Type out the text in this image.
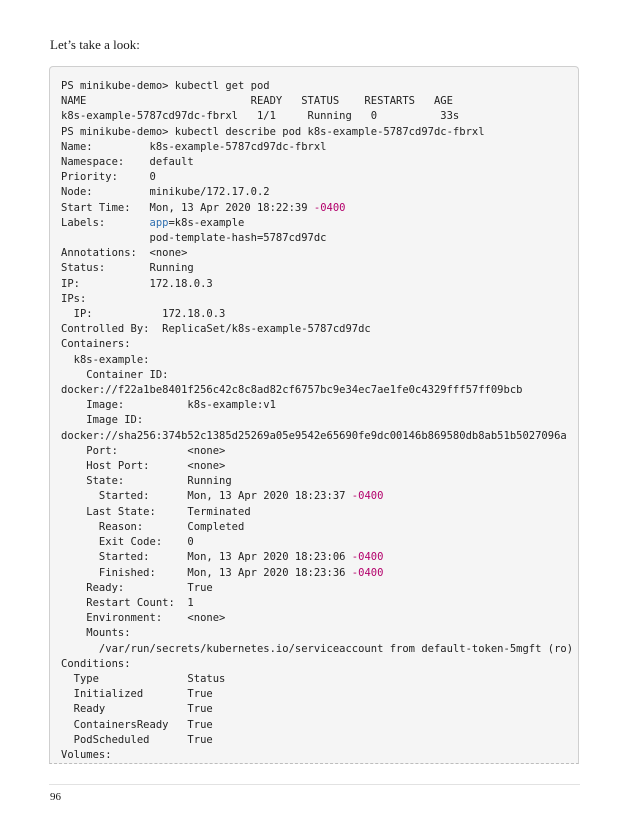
Let’s take a look:

PS minikube-demo> kubectl get pod
NAME                          READY   STATUS    RESTARTS   AGE
k8s-example-5787cd97dc-fbrxl   1/1     Running   0          33s
PS minikube-demo> kubectl describe pod k8s-example-5787cd97dc-fbrxl
Name:         k8s-example-5787cd97dc-fbrxl
Namespace:    default
Priority:     0
Node:         minikube/172.17.0.2
Start Time:   Mon, 13 Apr 2020 18:22:39 -0400
Labels:       app=k8s-example
pod-template-hash=5787cd97dc
Annotations:  <none>
Status:       Running
IP:           172.18.0.3
IPs:
IP:           172.18.0.3
Controlled By:  ReplicaSet/k8s-example-5787cd97dc
Containers:
k8s-example:
Container ID:
docker://f22a1be8401f256c42c8c8ad82cf6757bc9e34ec7ae1fe0c4329fff57ff09bcb
Image:          k8s-example:v1
Image ID:
docker://sha256:374b52c1385d25269a05e9542e65690fe9dc00146b869580db8ab51b5027096a
Port:           <none>
Host Port:      <none>
State:          Running
Started:      Mon, 13 Apr 2020 18:23:37 -0400
Last State:     Terminated
Reason:       Completed
Exit Code:    0
Started:      Mon, 13 Apr 2020 18:23:06 -0400
Finished:     Mon, 13 Apr 2020 18:23:36 -0400
Ready:          True
Restart Count:  1
Environment:    <none>
Mounts:
/var/run/secrets/kubernetes.io/serviceaccount from default-token-5mgft (ro)
Conditions:
Type              Status
Initialized       True
Ready             True
ContainersReady   True
PodScheduled      True
Volumes:

96
